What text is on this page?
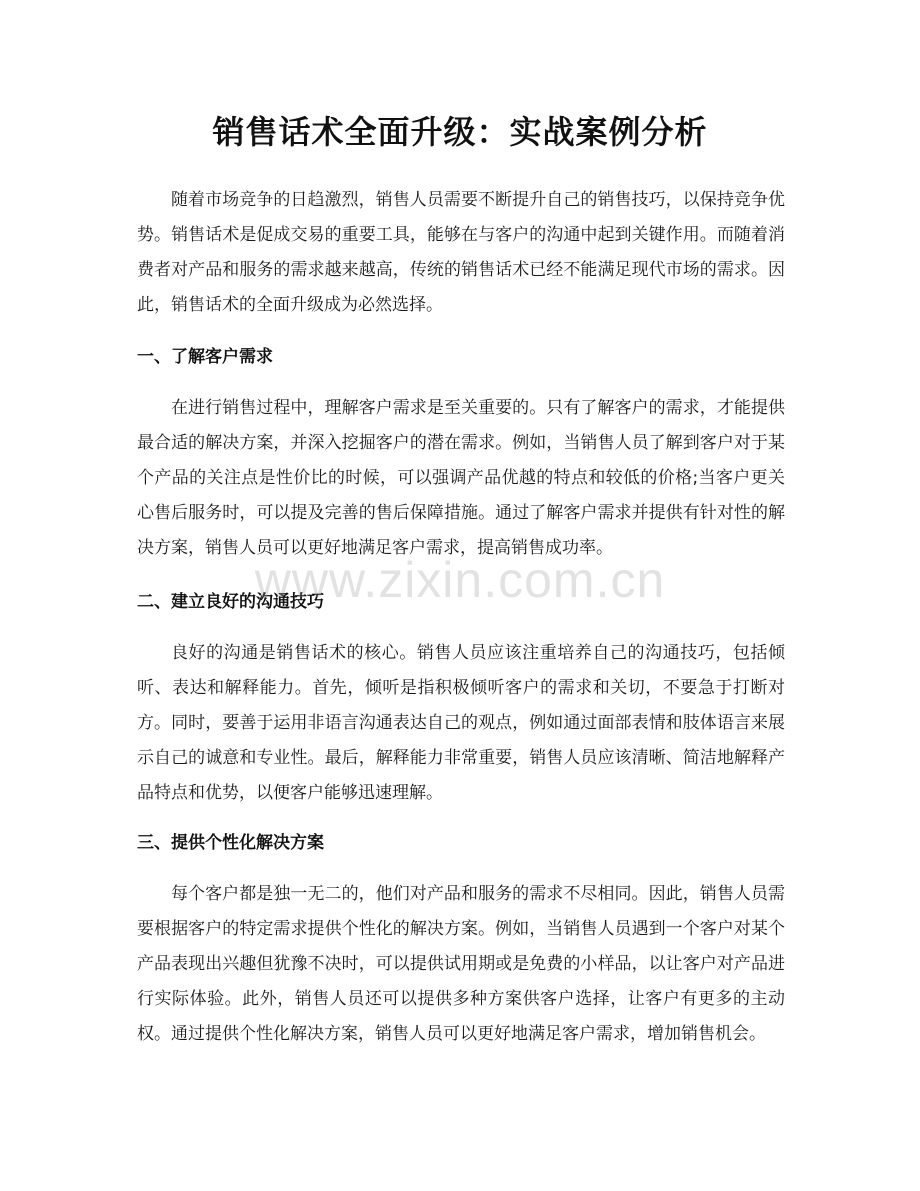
销售话术全面升级：实战案例分析
随着市场竞争的日趋激烈，销售人员需要不断提升自己的销售技巧，以保持竞争优势。销售话术是促成交易的重要工具，能够在与客户的沟通中起到关键作用。而随着消费者对产品和服务的需求越来越高，传统的销售话术已经不能满足现代市场的需求。因此，销售话术的全面升级成为必然选择。
一、了解客户需求
在进行销售过程中，理解客户需求是至关重要的。只有了解客户的需求，才能提供最合适的解决方案，并深入挖掘客户的潜在需求。例如，当销售人员了解到客户对于某个产品的关注点是性价比的时候，可以强调产品优越的特点和较低的价格;当客户更关心售后服务时，可以提及完善的售后保障措施。通过了解客户需求并提供有针对性的解决方案，销售人员可以更好地满足客户需求，提高销售成功率。
二、建立良好的沟通技巧
良好的沟通是销售话术的核心。销售人员应该注重培养自己的沟通技巧，包括倾听、表达和解释能力。首先，倾听是指积极倾听客户的需求和关切，不要急于打断对方。同时，要善于运用非语言沟通表达自己的观点，例如通过面部表情和肢体语言来展示自己的诚意和专业性。最后，解释能力非常重要，销售人员应该清晰、简洁地解释产品特点和优势，以便客户能够迅速理解。
三、提供个性化解决方案
每个客户都是独一无二的，他们对产品和服务的需求不尽相同。因此，销售人员需要根据客户的特定需求提供个性化的解决方案。例如，当销售人员遇到一个客户对某个产品表现出兴趣但犹豫不决时，可以提供试用期或是免费的小样品，以让客户对产品进行实际体验。此外，销售人员还可以提供多种方案供客户选择，让客户有更多的主动权。通过提供个性化解决方案，销售人员可以更好地满足客户需求，增加销售机会。
www.zixin.com.cn
